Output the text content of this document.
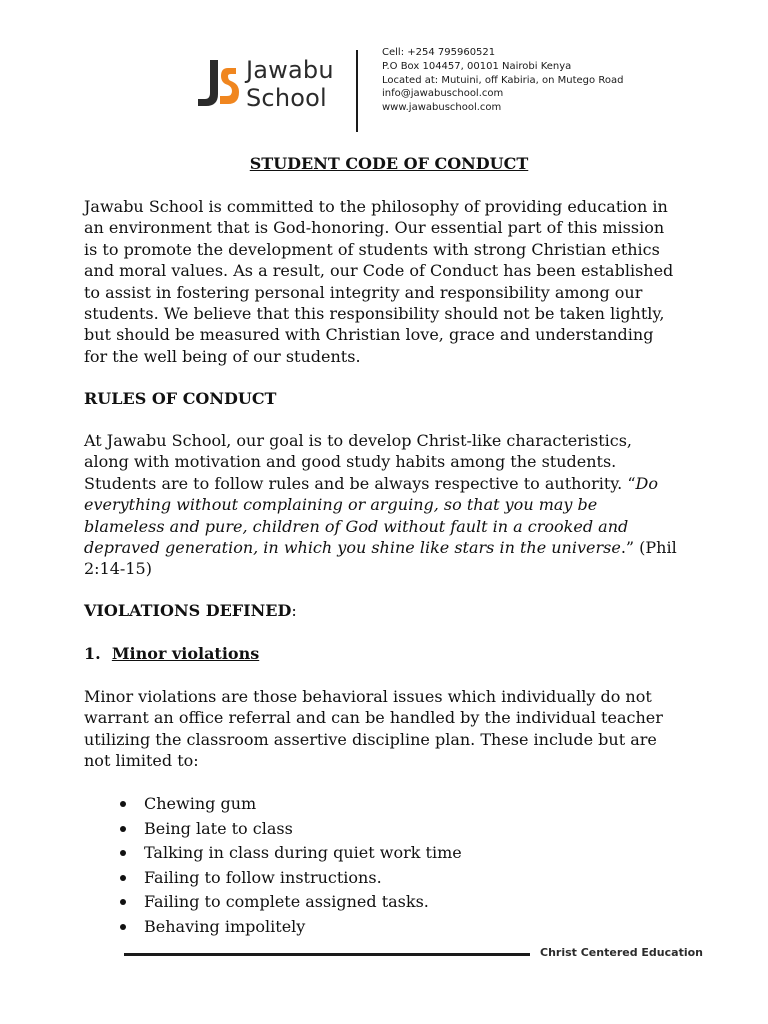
Jawabu
School
Cell: +254 795960521
P.O Box 104457, 00101 Nairobi Kenya
Located at: Mutuini, off Kabiria, on Mutego Road
info@jawabuschool.com
www.jawabuschool.com
STUDENT CODE OF CONDUCT
Jawabu School is committed to the philosophy of providing education in
an environment that is God-honoring. Our essential part of this mission
is to promote the development of students with strong Christian ethics
and moral values. As a result, our Code of Conduct has been established
to assist in fostering personal integrity and responsibility among our
students. We believe that this responsibility should not be taken lightly,
but should be measured with Christian love, grace and understanding
for the well being of our students.
RULES OF CONDUCT
At Jawabu School, our goal is to develop Christ-like characteristics,
along with motivation and good study habits among the students.
Students are to follow rules and be always respective to authority. “Do
everything without complaining or arguing, so that you may be
blameless and pure, children of God without fault in a crooked and
depraved generation, in which you shine like stars in the universe.” (Phil
2:14-15)
VIOLATIONS DEFINED:
1. Minor violations
Minor violations are those behavioral issues which individually do not
warrant an office referral and can be handled by the individual teacher
utilizing the classroom assertive discipline plan. These include but are
not limited to:
Chewing gum
Being late to class
Talking in class during quiet work time
Failing to follow instructions.
Failing to complete assigned tasks.
Behaving impolitely
Christ Centered Education
